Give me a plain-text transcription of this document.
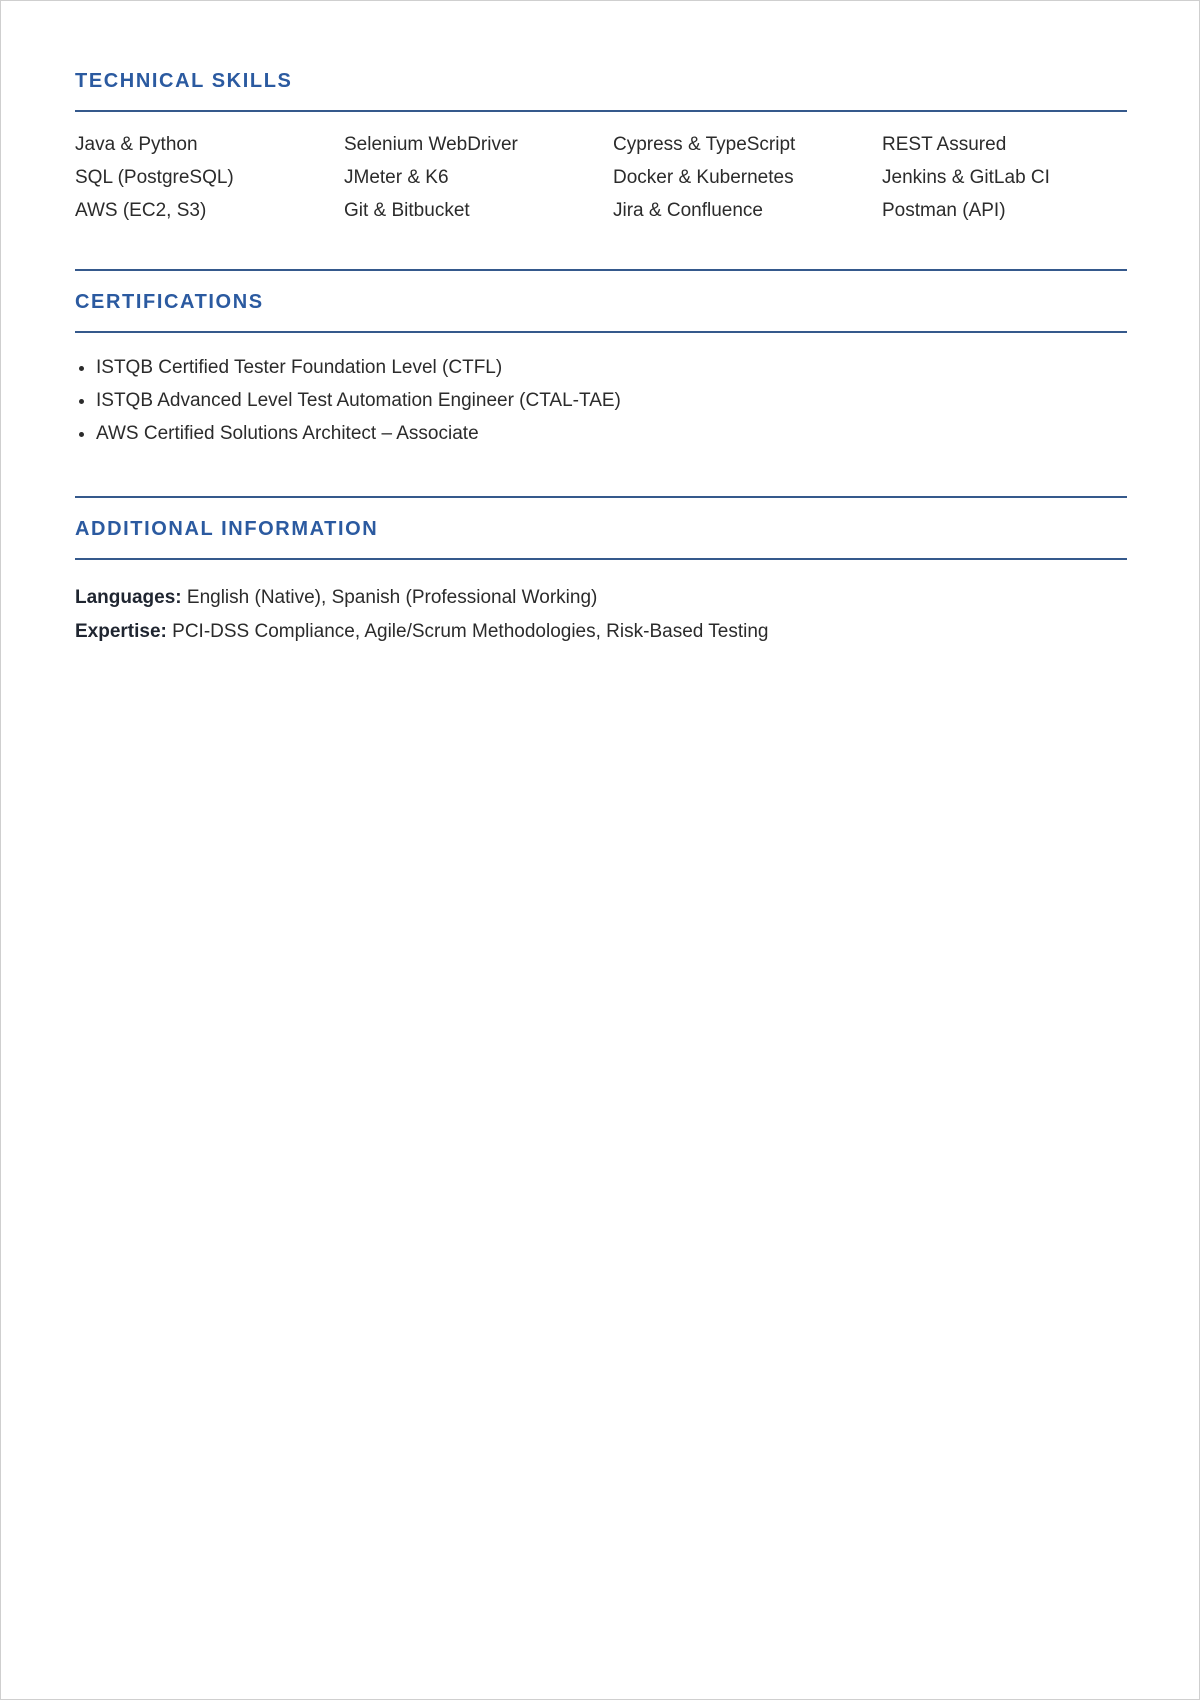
TECHNICAL SKILLS
Java & Python	Selenium WebDriver	Cypress & TypeScript	REST Assured
SQL (PostgreSQL)	JMeter & K6	Docker & Kubernetes	Jenkins & GitLab CI
AWS (EC2, S3)	Git & Bitbucket	Jira & Confluence	Postman (API)
CERTIFICATIONS
• ISTQB Certified Tester Foundation Level (CTFL)
• ISTQB Advanced Level Test Automation Engineer (CTAL-TAE)
• AWS Certified Solutions Architect – Associate
ADDITIONAL INFORMATION
Languages: English (Native), Spanish (Professional Working)
Expertise: PCI-DSS Compliance, Agile/Scrum Methodologies, Risk-Based Testing
